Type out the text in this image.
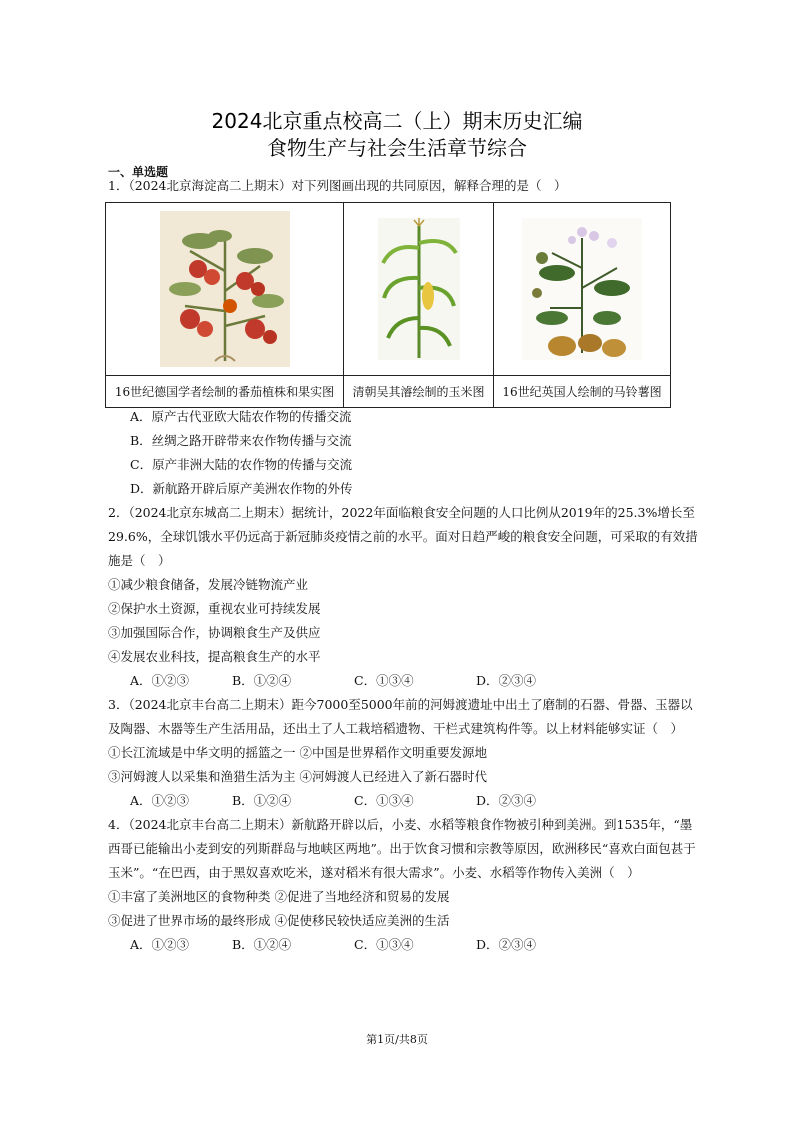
2024北京重点校高二（上）期末历史汇编
食物生产与社会生活章节综合
一、单选题
1．（2024北京海淀高二上期末）对下列图画出现的共同原因，解释合理的是（　）

16世纪德国学者绘制的番茄植株和果实图	清朝吴其濬绘制的玉米图	16世纪英国人绘制的马铃薯图
A．原产古代亚欧大陆农作物的传播交流
B．丝绸之路开辟带来农作物传播与交流
C．原产非洲大陆的农作物的传播与交流
D．新航路开辟后原产美洲农作物的外传
2．（2024北京东城高二上期末）据统计，2022年面临粮食安全问题的人口比例从2019年的25.3%增长至
29.6%，全球饥饿水平仍远高于新冠肺炎疫情之前的水平。面对日趋严峻的粮食安全问题，可采取的有效措
施是（　）
①减少粮食储备，发展冷链物流产业
②保护水土资源，重视农业可持续发展
③加强国际合作，协调粮食生产及供应
④发展农业科技，提高粮食生产的水平
A．①②③	B．①②④	C．①③④	D．②③④
3．（2024北京丰台高二上期末）距今7000至5000年前的河姆渡遗址中出土了磨制的石器、骨器、玉器以
及陶器、木器等生产生活用品，还出土了人工栽培稻遗物、干栏式建筑构件等。以上材料能够实证（　）
①长江流域是中华文明的摇篮之一 ②中国是世界稻作文明重要发源地
③河姆渡人以采集和渔猎生活为主 ④河姆渡人已经进入了新石器时代
A．①②③	B．①②④	C．①③④	D．②③④
4．（2024北京丰台高二上期末）新航路开辟以后，小麦、水稻等粮食作物被引种到美洲。到1535年，“墨
西哥已能输出小麦到安的列斯群岛与地峡区两地”。出于饮食习惯和宗教等原因，欧洲移民“喜欢白面包甚于
玉米”。“在巴西，由于黑奴喜欢吃米，遂对稻米有很大需求”。小麦、水稻等作物传入美洲（　）
①丰富了美洲地区的食物种类 ②促进了当地经济和贸易的发展
③促进了世界市场的最终形成 ④促使移民较快适应美洲的生活
A．①②③	B．①②④	C．①③④	D．②③④
第1页/共8页
